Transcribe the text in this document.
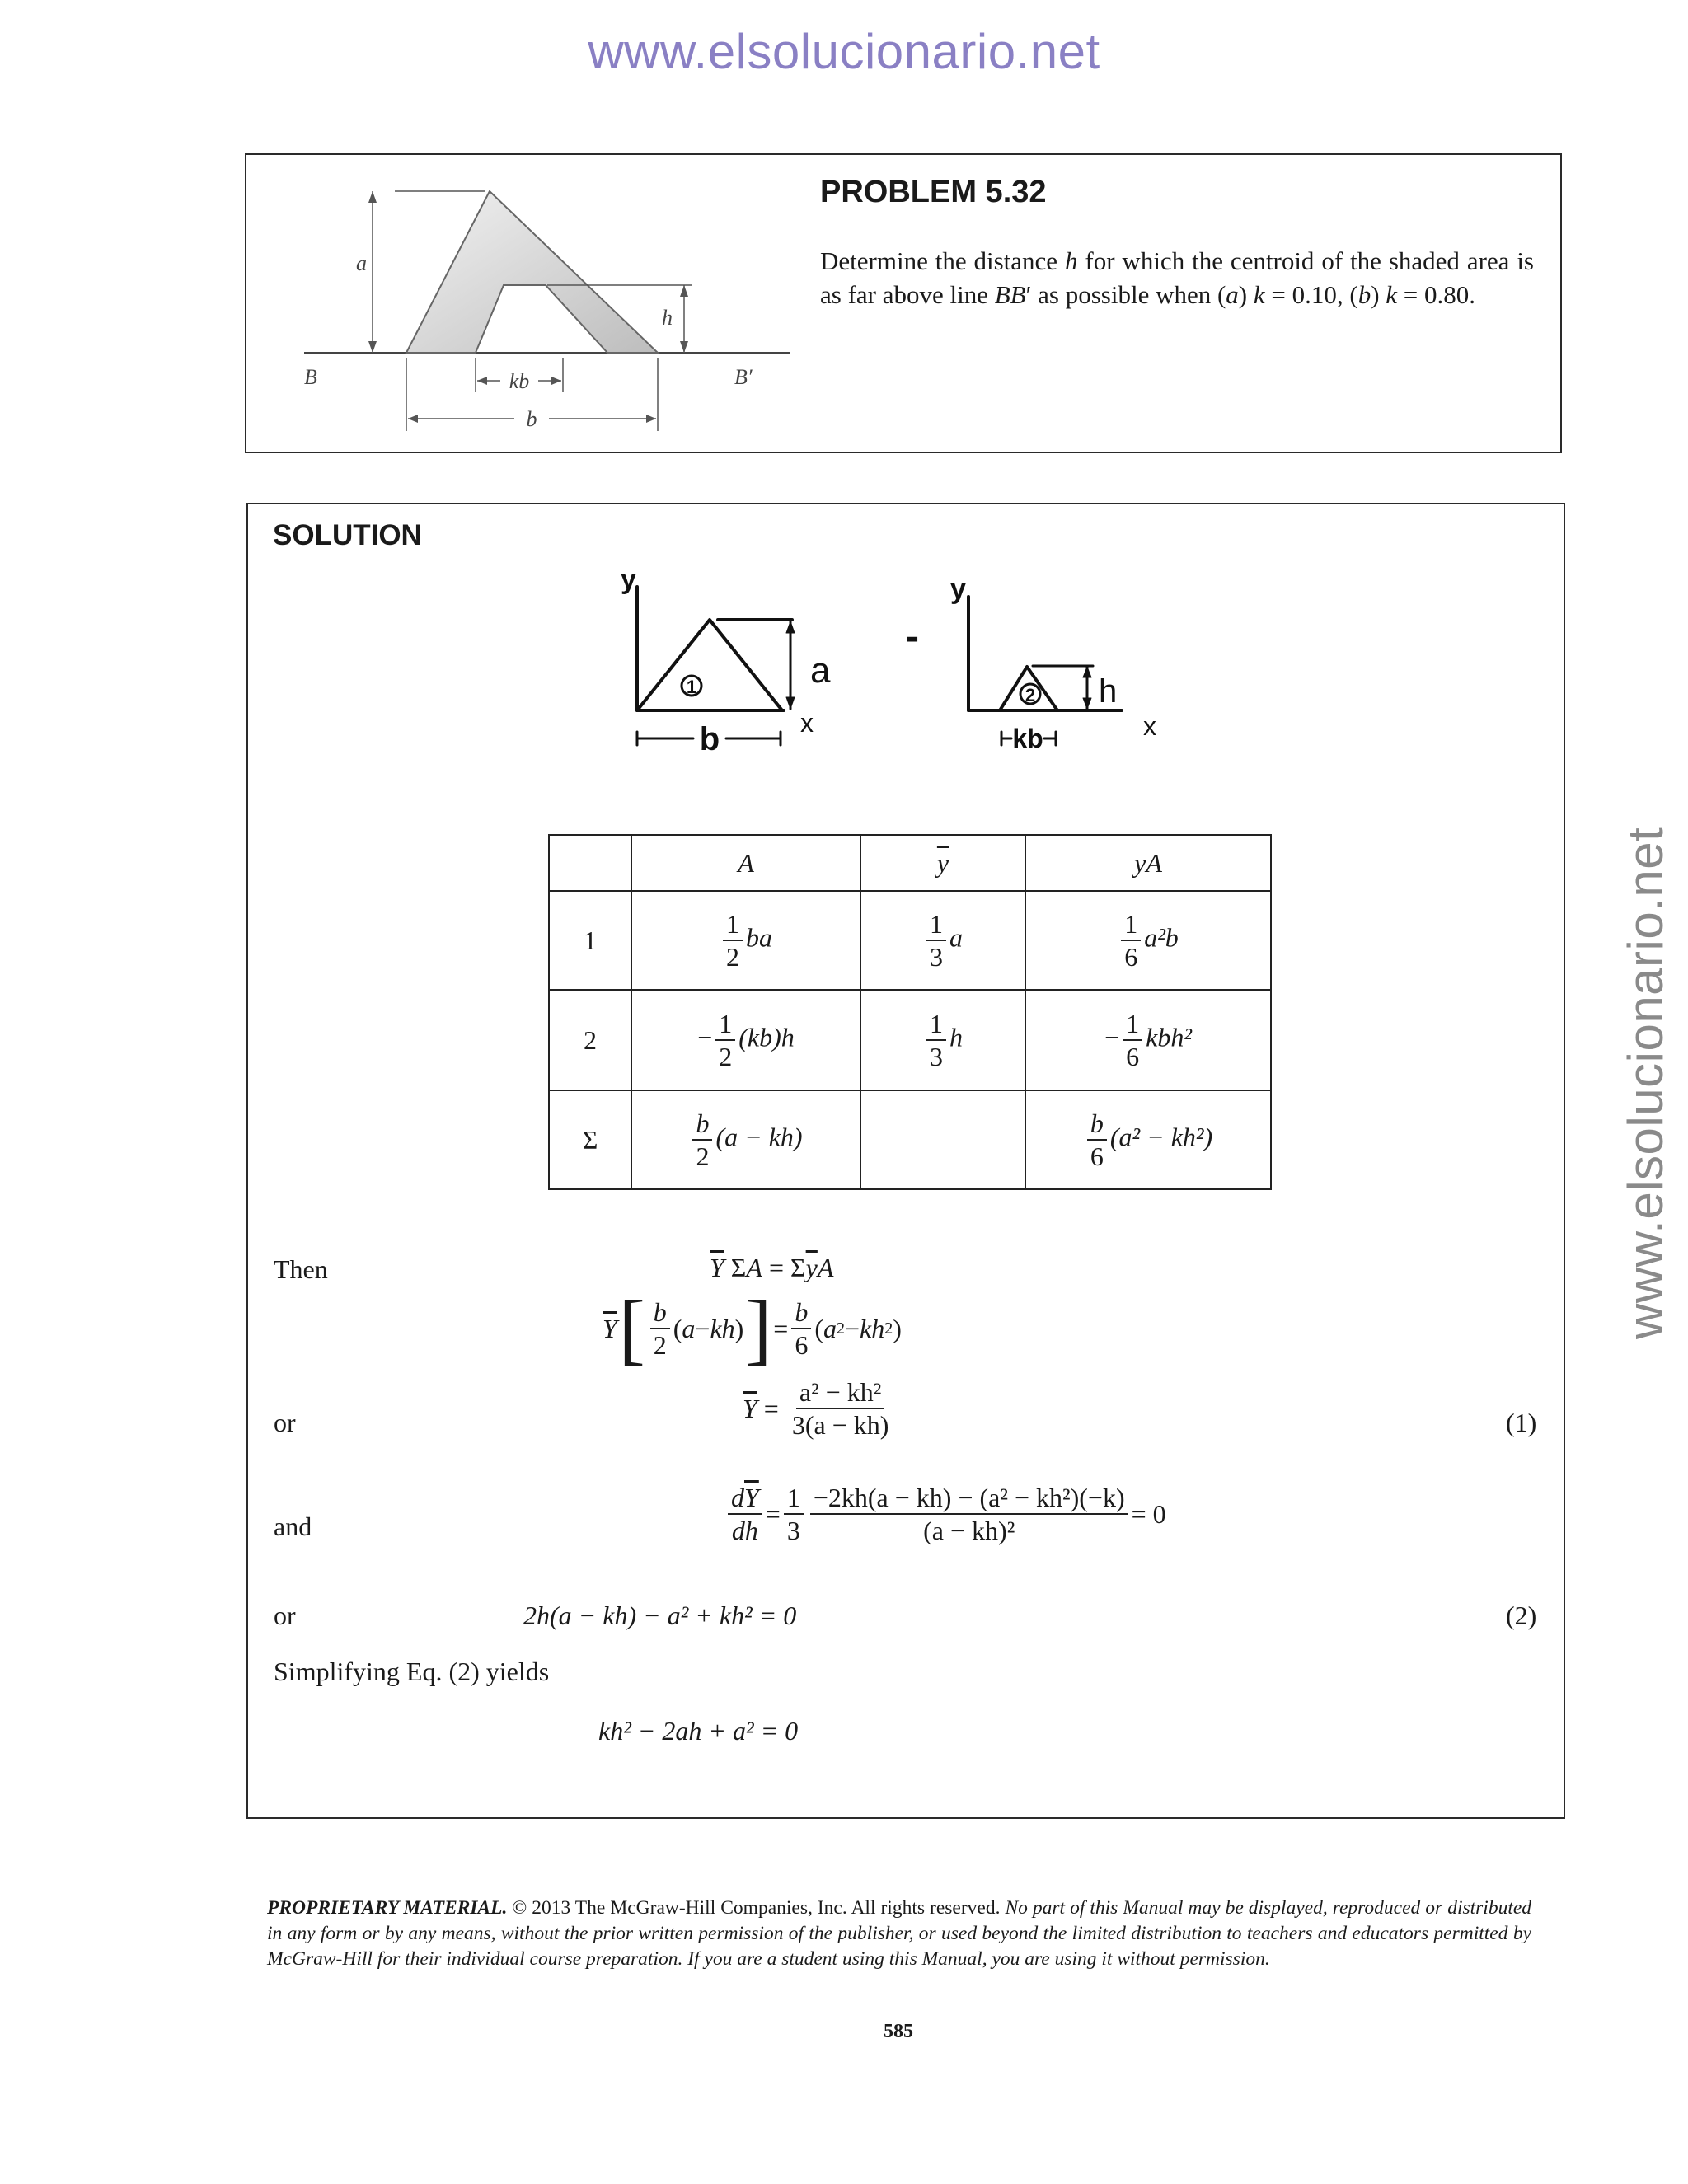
www.elsolucionario.net
www.elsolucionario.net
a
h
B	B′
kb
b
PROBLEM 5.32
Determine the distance h for which the centroid of the shaded area is as far above line BB′ as possible when (a) k = 0.10, (b) k = 0.80.
SOLUTION
y
x
a
b
1
-
y
x
h
kb
2
	A	$\overline{y}$	yA
1	$\frac{1}{2}$ ba	$\frac{1}{3}$ a	$\frac{1}{6} a^2b$
2	− $\frac{1}{2} (kb)h$	$\frac{1}{3}$ h	− $\frac{1}{6} kbh^2$
Σ	$\frac{b}{2} (a - kh)$		$\frac{b}{6} (a^2 - kh^2)$
Then	$\overline{Y}$ $\Sigma A = \Sigma\overline{y}A$
$\overline{Y}$ [ $\frac{b}{2}$ ( a − kh ) ] = $\frac{b}{6}$ ( a 2 − kh 2 )
or	$\overline{Y} = \frac{\text{a² − kh²}}{3(a - kh)}$	(1)
and	$\frac{d\overline{Y}}{dh} = \frac{1}{3} \frac{\text{−2kh(a − kh) − (a² − kh²)(−k)}}{\text{(a − kh)²}} = 0$
or	2h(a − kh) − a² + kh² = 0	(2)
Simplifying Eq. (2) yields
kh² − 2ah + a² = 0
PROPRIETARY MATERIAL. © 2013 The McGraw-Hill Companies, Inc. All rights reserved. No part of this Manual may be displayed, reproduced or distributed in any form or by any means, without the prior written permission of the publisher, or used beyond the limited distribution to teachers and educators permitted by McGraw-Hill for their individual course preparation. If you are a student using this Manual, you are using it without permission.
585
